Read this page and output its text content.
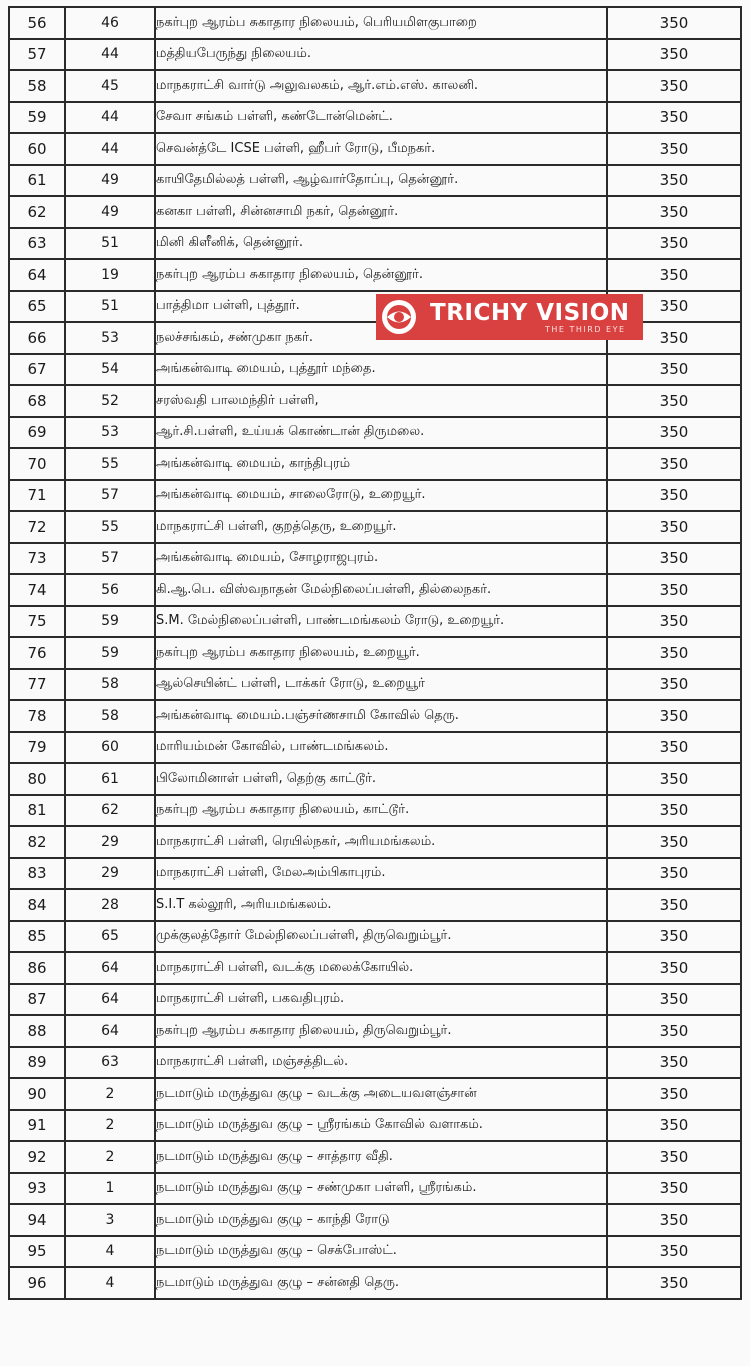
56	46	நகர்புற ஆரம்ப சுகாதார நிலையம், பெரியமிளகுபாறை	350
57	44	மத்தியபேருந்து நிலையம்.	350
58	45	மாநகராட்சி வார்டு அலுவலகம், ஆர்.எம்.எஸ். காலனி.	350
59	44	சேவா சங்கம் பள்ளி, கண்டோன்மென்ட்.	350
60	44	செவன்த்டே ICSE பள்ளி, ஹீபர் ரோடு, பீமநகர்.	350
61	49	காயிதேமில்லத் பள்ளி, ஆழ்வார்தோப்பு, தென்னூர்.	350
62	49	கனகா பள்ளி, சின்னசாமி நகர், தென்னூர்.	350
63	51	மினி கிளீனிக், தென்னூர்.	350
64	19	நகர்புற ஆரம்ப சுகாதார நிலையம், தென்னூர்.	350
65	51	பாத்திமா பள்ளி, புத்தூர்.	350
66	53	நலச்சங்கம், சண்முகா நகர்.	350
67	54	அங்கன்வாடி மையம், புத்தூர் மந்தை.	350
68	52	சரஸ்வதி பாலமந்திர் பள்ளி,	350
69	53	ஆர்.சி.பள்ளி, உய்யக் கொண்டான் திருமலை.	350
70	55	அங்கன்வாடி மையம், காந்திபுரம்	350
71	57	அங்கன்வாடி மையம், சாலைரோடு, உறையூர்.	350
72	55	மாநகராட்சி பள்ளி, குறத்தெரு, உறையூர்.	350
73	57	அங்கன்வாடி மையம், சோழராஜபுரம்.	350
74	56	கி.ஆ.பெ. விஸ்வநாதன் மேல்நிலைப்பள்ளி, தில்லைநகர்.	350
75	59	S.M. மேல்நிலைப்பள்ளி, பாண்டமங்கலம் ரோடு, உறையூர்.	350
76	59	நகர்புற ஆரம்ப சுகாதார நிலையம், உறையூர்.	350
77	58	ஆல்செயின்ட் பள்ளி, டாக்கர் ரோடு, உறையூர்	350
78	58	அங்கன்வாடி மையம்.பஞ்சர்ணசாமி கோவில் தெரு.	350
79	60	மாரியம்மன் கோவில், பாண்டமங்கலம்.	350
80	61	பிலோமினாள் பள்ளி, தெற்கு காட்டூர்.	350
81	62	நகர்புற ஆரம்ப சுகாதார நிலையம், காட்டூர்.	350
82	29	மாநகராட்சி பள்ளி, ரெயில்நகர், அரியமங்கலம்.	350
83	29	மாநகராட்சி பள்ளி, மேலஅம்பிகாபுரம்.	350
84	28	S.I.T கல்லூரி, அரியமங்கலம்.	350
85	65	முக்குலத்தோர் மேல்நிலைப்பள்ளி, திருவெறும்பூர்.	350
86	64	மாநகராட்சி பள்ளி, வடக்கு மலைக்கோயில்.	350
87	64	மாநகராட்சி பள்ளி, பகவதிபுரம்.	350
88	64	நகர்புற ஆரம்ப சுகாதார நிலையம், திருவெறும்பூர்.	350
89	63	மாநகராட்சி பள்ளி, மஞ்சத்திடல்.	350
90	2	நடமாடும் மருத்துவ குழு – வடக்கு அடையவளஞ்சான்	350
91	2	நடமாடும் மருத்துவ குழு – ஸ்ரீரங்கம் கோவில் வளாகம்.	350
92	2	நடமாடும் மருத்துவ குழு – சாத்தார வீதி.	350
93	1	நடமாடும் மருத்துவ குழு – சண்முகா பள்ளி, ஸ்ரீரங்கம்.	350
94	3	நடமாடும் மருத்துவ குழு – காந்தி ரோடு	350
95	4	நடமாடும் மருத்துவ குழு – செக்போஸ்ட்.	350
96	4	நடமாடும் மருத்துவ குழு – சன்னதி தெரு.	350
TRICHY VISION
THE THIRD EYE
